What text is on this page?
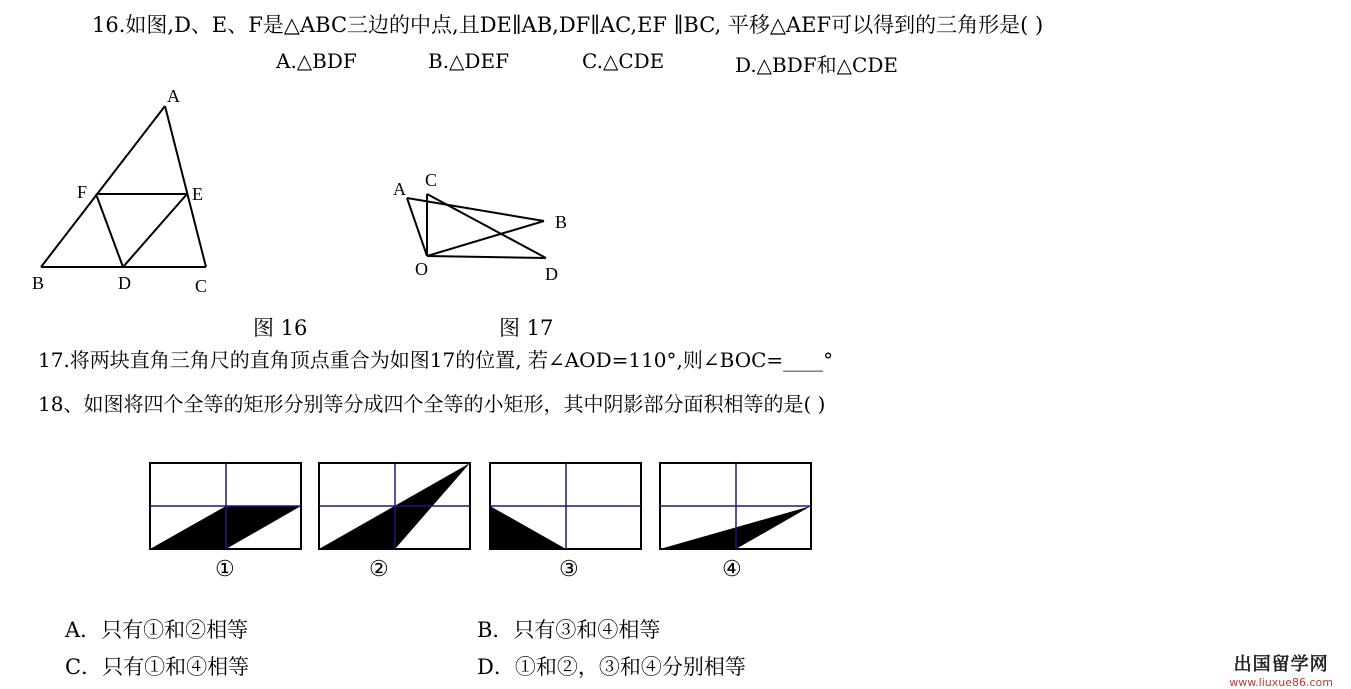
16.如图,D、E、F是△ABC三边的中点,且DE∥AB,DF∥AC,EF ∥BC, 平移△AEF可以得到的三角形是( )
A.△BDF	B.△DEF	C.△CDE	D.△BDF和△CDE
A
F	E
B	D	C
A C
B
O	D
图 16	图 17
17.将两块直角三角尺的直角顶点重合为如图17的位置, 若∠AOD=110°,则∠BOC=____°
18、如图将四个全等的矩形分别等分成四个全等的小矩形，其中阴影部分面积相等的是( )
①	②	③	④
A．只有①和②相等	B．只有③和④相等
C．只有①和④相等	D．①和②，③和④分别相等	出国留学网
www.liuxue86.com
